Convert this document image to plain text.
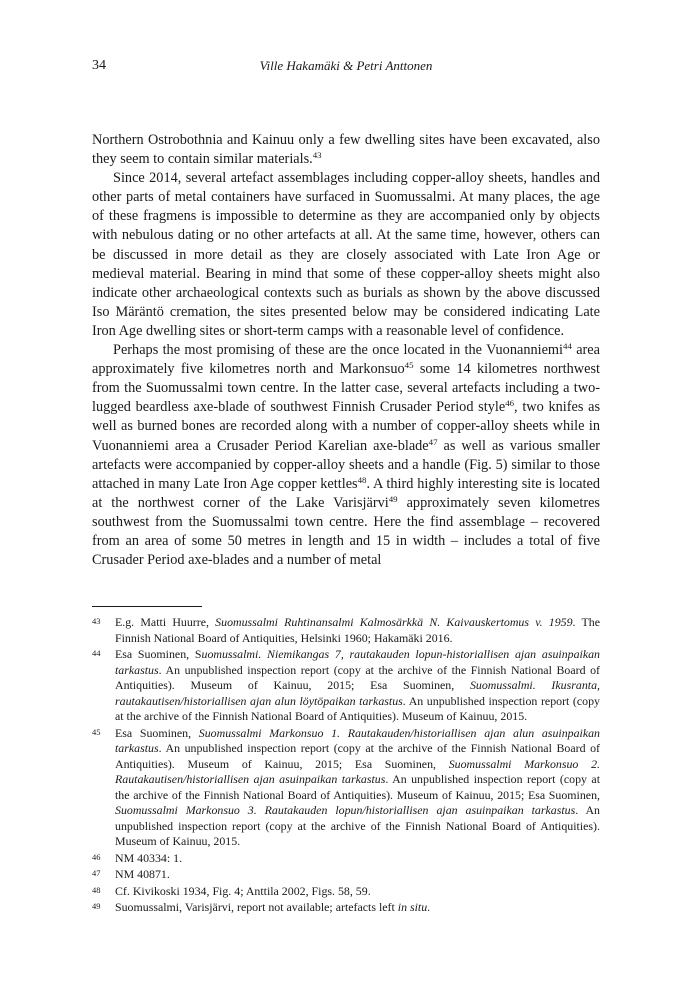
34	Ville Hakamäki & Petri Anttonen

Northern Ostrobothnia and Kainuu only a few dwelling sites have been excavated, also they seem to contain similar materials.$^{43}$

Since 2014, several artefact assemblages including copper-alloy sheets, handles and other parts of metal containers have surfaced in Suomussalmi. At many places, the age of these fragmens is impossible to determine as they are accompanied only by objects with nebulous dating or no other artefacts at all. At the same time, however, others can be discussed in more detail as they are closely associated with Late Iron Age or medieval material. Bearing in mind that some of these copper-alloy sheets might also indicate other archaeological contexts such as burials as shown by the above discussed Iso Märäntö cremation, the sites presented below may be considered indicating Late Iron Age dwelling sites or short-term camps with a reasonable level of confidence.

Perhaps the most promising of these are the once located in the Vuonanniemi$^{44}$ area approximately five kilometres north and Markonsuo$^{45}$ some 14 kilometres northwest from the Suomussalmi town centre. In the latter case, several artefacts including a two-lugged beardless axe-blade of southwest Finnish Crusader Period style$^{46}$, two knifes as well as burned bones are recorded along with a number of copper-alloy sheets while in Vuonanniemi area a Crusader Period Karelian axe-blade$^{47}$ as well as various smaller artefacts were accompanied by copper-alloy sheets and a handle (Fig. 5) similar to those attached in many Late Iron Age copper kettles$^{48}$. A third highly interesting site is located at the northwest corner of the Lake Varisjärvi$^{49}$ approximately seven kilometres southwest from the Suomussalmi town centre. Here the find assemblage – recovered from an area of some 50 metres in length and 15 in width – includes a total of five Crusader Period axe-blades and a number of metal

43 E.g. Matti Huurre, Suomussalmi Ruhtinansalmi Kalmosärkkä N. Kaivauskertomus v. 1959. The Finnish National Board of Antiquities, Helsinki 1960; Hakamäki 2016.
44 Esa Suominen, Suomussalmi. Niemikangas 7, rautakauden lopun-historiallisen ajan asuinpaikan tarkastus. An unpublished inspection report (copy at the archive of the Finnish National Board of Antiquities). Museum of Kainuu, 2015; Esa Suominen, Suomussalmi. Ikusranta, rautakautisen/historiallisen ajan alun löytöpaikan tarkastus. An unpublished inspection report (copy at the archive of the Finnish National Board of Antiquities). Museum of Kainuu, 2015.
45 Esa Suominen, Suomussalmi Markonsuo 1. Rautakauden/historiallisen ajan alun asuinpaikan tarkastus. An unpublished inspection report (copy at the archive of the Finnish National Board of Antiquities). Museum of Kainuu, 2015; Esa Suominen, Suomussalmi Markonsuo 2. Rautakautisen/historiallisen ajan asuinpaikan tarkastus. An unpublished inspection report (copy at the archive of the Finnish National Board of Antiquities). Museum of Kainuu, 2015; Esa Suominen, Suomussalmi Markonsuo 3. Rautakauden lopun/historiallisen ajan asuinpaikan tarkastus. An unpublished inspection report (copy at the archive of the Finnish National Board of Antiquities). Museum of Kainuu, 2015.
46 NM 40334: 1.
47 NM 40871.
48 Cf. Kivikoski 1934, Fig. 4; Anttila 2002, Figs. 58, 59.
49 Suomussalmi, Varisjärvi, report not available; artefacts left in situ.
